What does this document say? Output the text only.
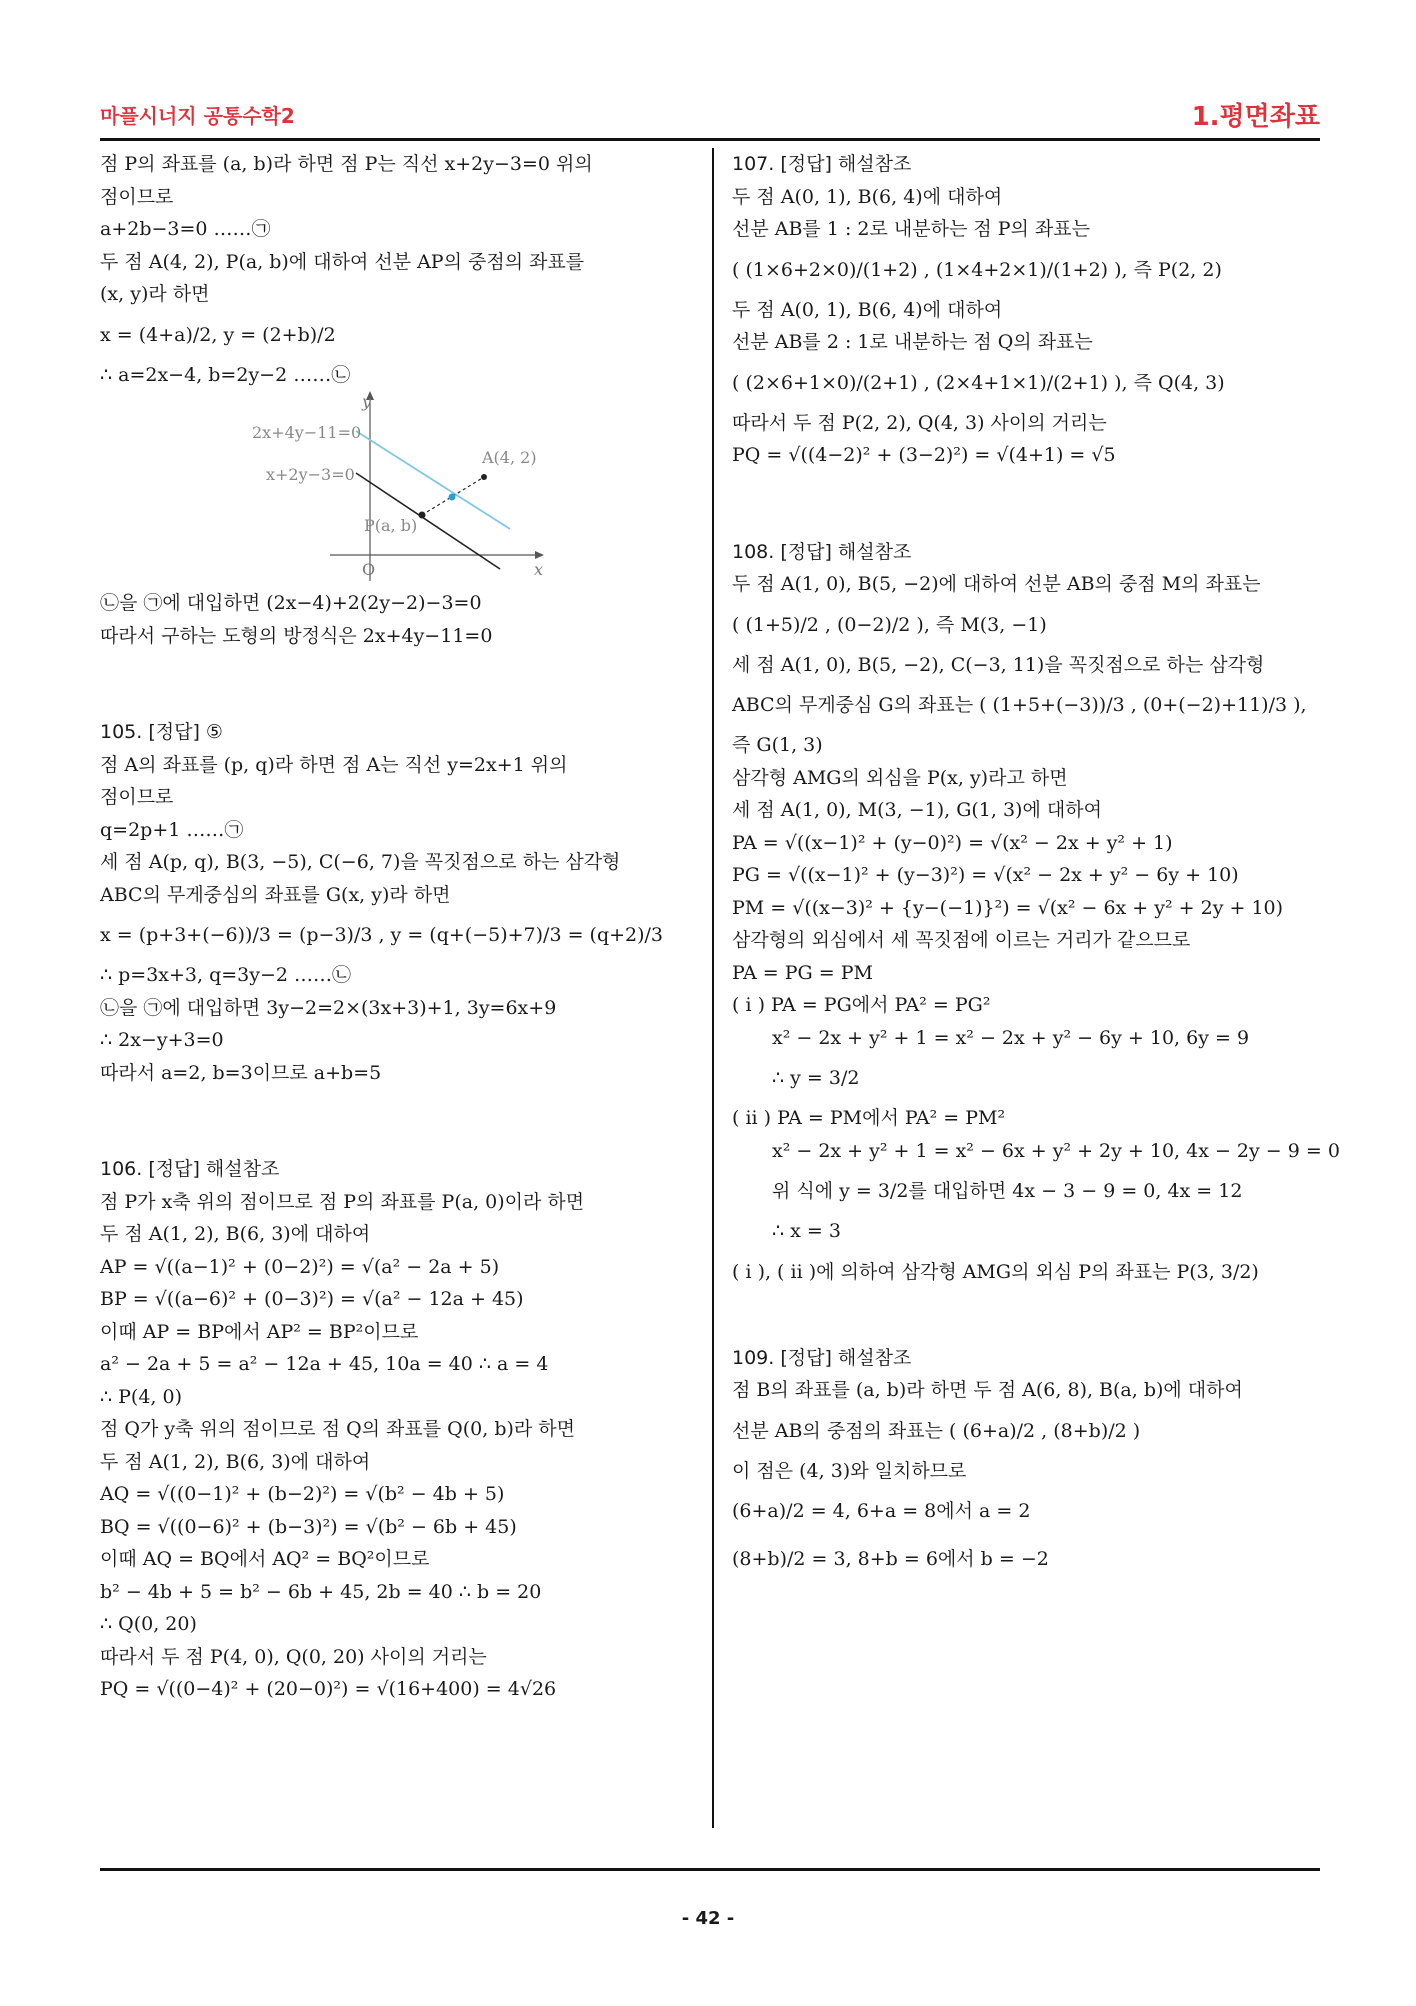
마플시너지 공통수학2	1.평면좌표
점 P의 좌표를 (a, b)라 하면 점 P는 직선 x+2y−3=0 위의
점이므로
a+2b−3=0 ……㉠
두 점 A(4, 2), P(a, b)에 대하여 선분 AP의 중점의 좌표를
(x, y)라 하면
x = (4+a)/2, y = (2+b)/2
∴ a=2x−4, b=2y−2 ……㉡
y
x
O
2x+4y−11=0
x+2y−3=0
A(4, 2)
P(a, b)
㉡을 ㉠에 대입하면 (2x−4)+2(2y−2)−3=0
따라서 구하는 도형의 방정식은 2x+4y−11=0
105. [정답] ⑤
점 A의 좌표를 (p, q)라 하면 점 A는 직선 y=2x+1 위의
점이므로
q=2p+1 ……㉠
세 점 A(p, q), B(3, −5), C(−6, 7)을 꼭짓점으로 하는 삼각형
ABC의 무게중심의 좌표를 G(x, y)라 하면
x = (p+3+(−6))/3 = (p−3)/3 , y = (q+(−5)+7)/3 = (q+2)/3
∴ p=3x+3, q=3y−2 ……㉡
㉡을 ㉠에 대입하면 3y−2=2×(3x+3)+1, 3y=6x+9
∴ 2x−y+3=0
따라서 a=2, b=3이므로 a+b=5
106. [정답] 해설참조
점 P가 x축 위의 점이므로 점 P의 좌표를 P(a, 0)이라 하면
두 점 A(1, 2), B(6, 3)에 대하여
AP = √((a−1)² + (0−2)²) = √(a² − 2a + 5)
BP = √((a−6)² + (0−3)²) = √(a² − 12a + 45)
이때 AP = BP에서 AP² = BP²이므로
a² − 2a + 5 = a² − 12a + 45, 10a = 40 ∴ a = 4
∴ P(4, 0)
점 Q가 y축 위의 점이므로 점 Q의 좌표를 Q(0, b)라 하면
두 점 A(1, 2), B(6, 3)에 대하여
AQ = √((0−1)² + (b−2)²) = √(b² − 4b + 5)
BQ = √((0−6)² + (b−3)²) = √(b² − 6b + 45)
이때 AQ = BQ에서 AQ² = BQ²이므로
b² − 4b + 5 = b² − 6b + 45, 2b = 40 ∴ b = 20
∴ Q(0, 20)
따라서 두 점 P(4, 0), Q(0, 20) 사이의 거리는
PQ = √((0−4)² + (20−0)²) = √(16+400) = 4√26
107. [정답] 해설참조
두 점 A(0, 1), B(6, 4)에 대하여
선분 AB를 1 : 2로 내분하는 점 P의 좌표는
( (1×6+2×0)/(1+2) , (1×4+2×1)/(1+2) ), 즉 P(2, 2)
두 점 A(0, 1), B(6, 4)에 대하여
선분 AB를 2 : 1로 내분하는 점 Q의 좌표는
( (2×6+1×0)/(2+1) , (2×4+1×1)/(2+1) ), 즉 Q(4, 3)
따라서 두 점 P(2, 2), Q(4, 3) 사이의 거리는
PQ = √((4−2)² + (3−2)²) = √(4+1) = √5
108. [정답] 해설참조
두 점 A(1, 0), B(5, −2)에 대하여 선분 AB의 중점 M의 좌표는
( (1+5)/2 , (0−2)/2 ), 즉 M(3, −1)
세 점 A(1, 0), B(5, −2), C(−3, 11)을 꼭짓점으로 하는 삼각형
ABC의 무게중심 G의 좌표는 ( (1+5+(−3))/3 , (0+(−2)+11)/3 ),
즉 G(1, 3)
삼각형 AMG의 외심을 P(x, y)라고 하면
세 점 A(1, 0), M(3, −1), G(1, 3)에 대하여
PA = √((x−1)² + (y−0)²) = √(x² − 2x + y² + 1)
PG = √((x−1)² + (y−3)²) = √(x² − 2x + y² − 6y + 10)
PM = √((x−3)² + {y−(−1)}²) = √(x² − 6x + y² + 2y + 10)
삼각형의 외심에서 세 꼭짓점에 이르는 거리가 같으므로
PA = PG = PM
( i ) PA = PG에서 PA² = PG²
x² − 2x + y² + 1 = x² − 2x + y² − 6y + 10, 6y = 9
∴ y = 3/2
( ii ) PA = PM에서 PA² = PM²
x² − 2x + y² + 1 = x² − 6x + y² + 2y + 10, 4x − 2y − 9 = 0
위 식에 y = 3/2를 대입하면 4x − 3 − 9 = 0, 4x = 12
∴ x = 3
( i ), ( ii )에 의하여 삼각형 AMG의 외심 P의 좌표는 P(3, 3/2)
109. [정답] 해설참조
점 B의 좌표를 (a, b)라 하면 두 점 A(6, 8), B(a, b)에 대하여
선분 AB의 중점의 좌표는 ( (6+a)/2 , (8+b)/2 )
이 점은 (4, 3)와 일치하므로
(6+a)/2 = 4, 6+a = 8에서 a = 2
(8+b)/2 = 3, 8+b = 6에서 b = −2
- 42 -
